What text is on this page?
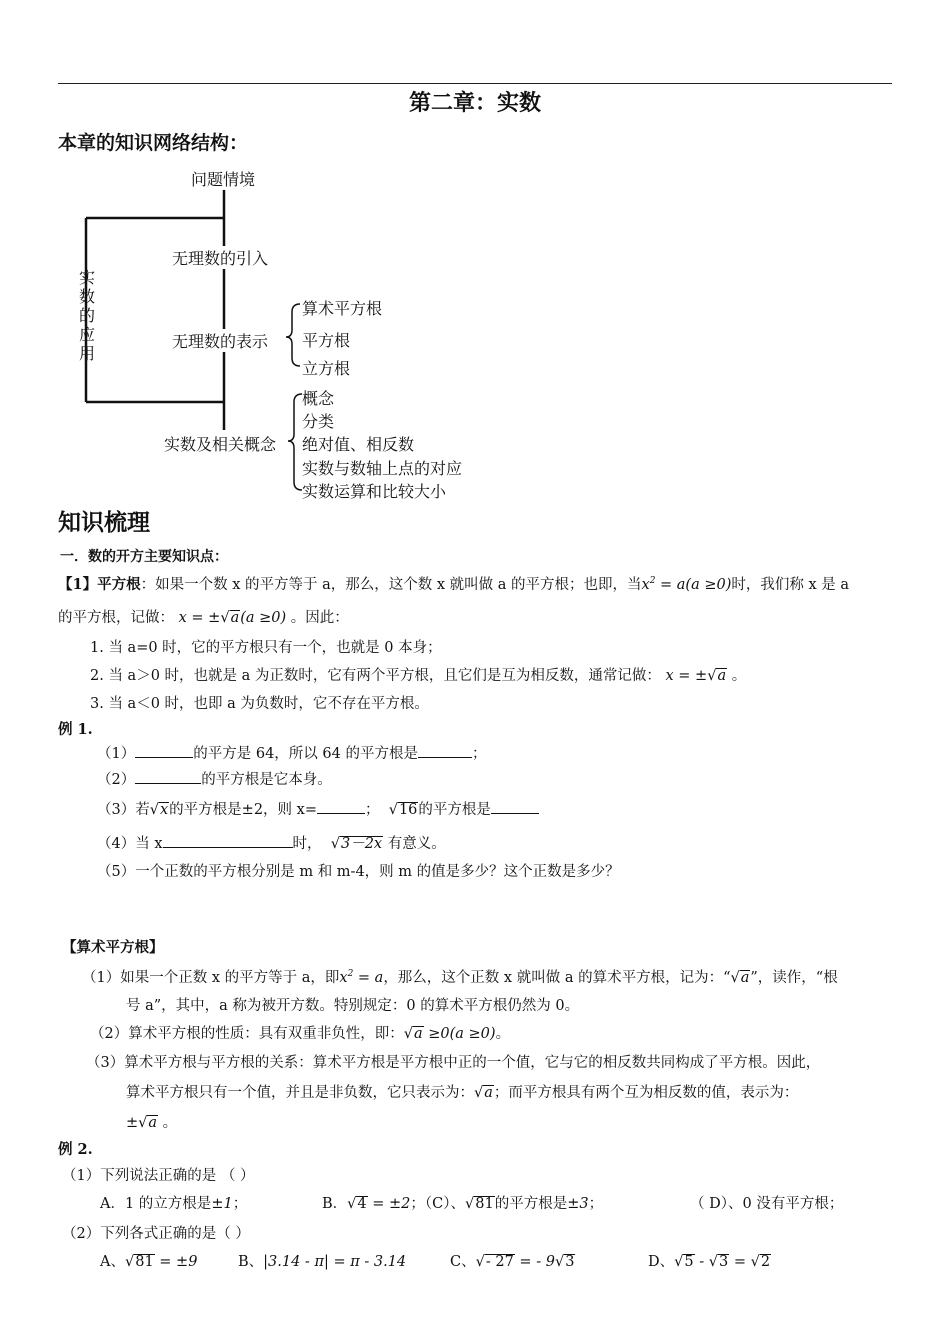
第二章：实数
本章的知识网络结构：
实 数 的 应 用
问题情境
无理数的引入
无理数的表示
实数及相关概念
算术平方根
平方根
立方根
概念
分类
绝对值、相反数
实数与数轴上点的对应
实数运算和比较大小
知识梳理
一．数的开方主要知识点：
【1】平方根：如果一个数 x 的平方等于 a，那么，这个数 x 就叫做 a 的平方根；也即，当$x^2 = a(a \ge 0)$时，我们称 x 是 a
的平方根，记做： x = ±√a(a ≥0) 。因此：
1. 当 a=0 时，它的平方根只有一个，也就是 0 本身；
2. 当 a＞0 时，也就是 a 为正数时，它有两个平方根，且它们是互为相反数，通常记做： x = ±√a 。
3. 当 a＜0 时，也即 a 为负数时，它不存在平方根。
例 1.
（1）	的平方是 64，所以 64 的平方根是	；
（2）	的平方根是它本身。
（3）若√x的平方根是±2，则 x=	； √16的平方根是
（4）当 x	时， √3－2x 有意义。
（5）一个正数的平方根分别是 m 和 m-4，则 m 的值是多少？这个正数是多少？
【算术平方根】
（1）如果一个正数 x 的平方等于 a，即$x^2 = a$，那么，这个正数 x 就叫做 a 的算术平方根，记为：“√a”，读作，“根
号 a”，其中，a 称为被开方数。特别规定：0 的算术平方根仍然为 0。
（2）算术平方根的性质：具有双重非负性，即：√a ≥0(a ≥0)。
（3）算术平方根与平方根的关系：算术平方根是平方根中正的一个值，它与它的相反数共同构成了平方根。因此，
算术平方根只有一个值，并且是非负数，它只表示为：√a；而平方根具有两个互为相反数的值，表示为：
±√a 。
例 2.
（1）下列说法正确的是 （ ）
A．1 的立方根是±1；	B．√4 = ±2；（C）、√81的平方根是±3；	（ D）、0 没有平方根；
（2）下列各式正确的是（ ）
A、√81 = ±9	B、|3.14 - π| = π - 3.14	C、√- 27 = - 9√3	D、√5 - √3 = √2
